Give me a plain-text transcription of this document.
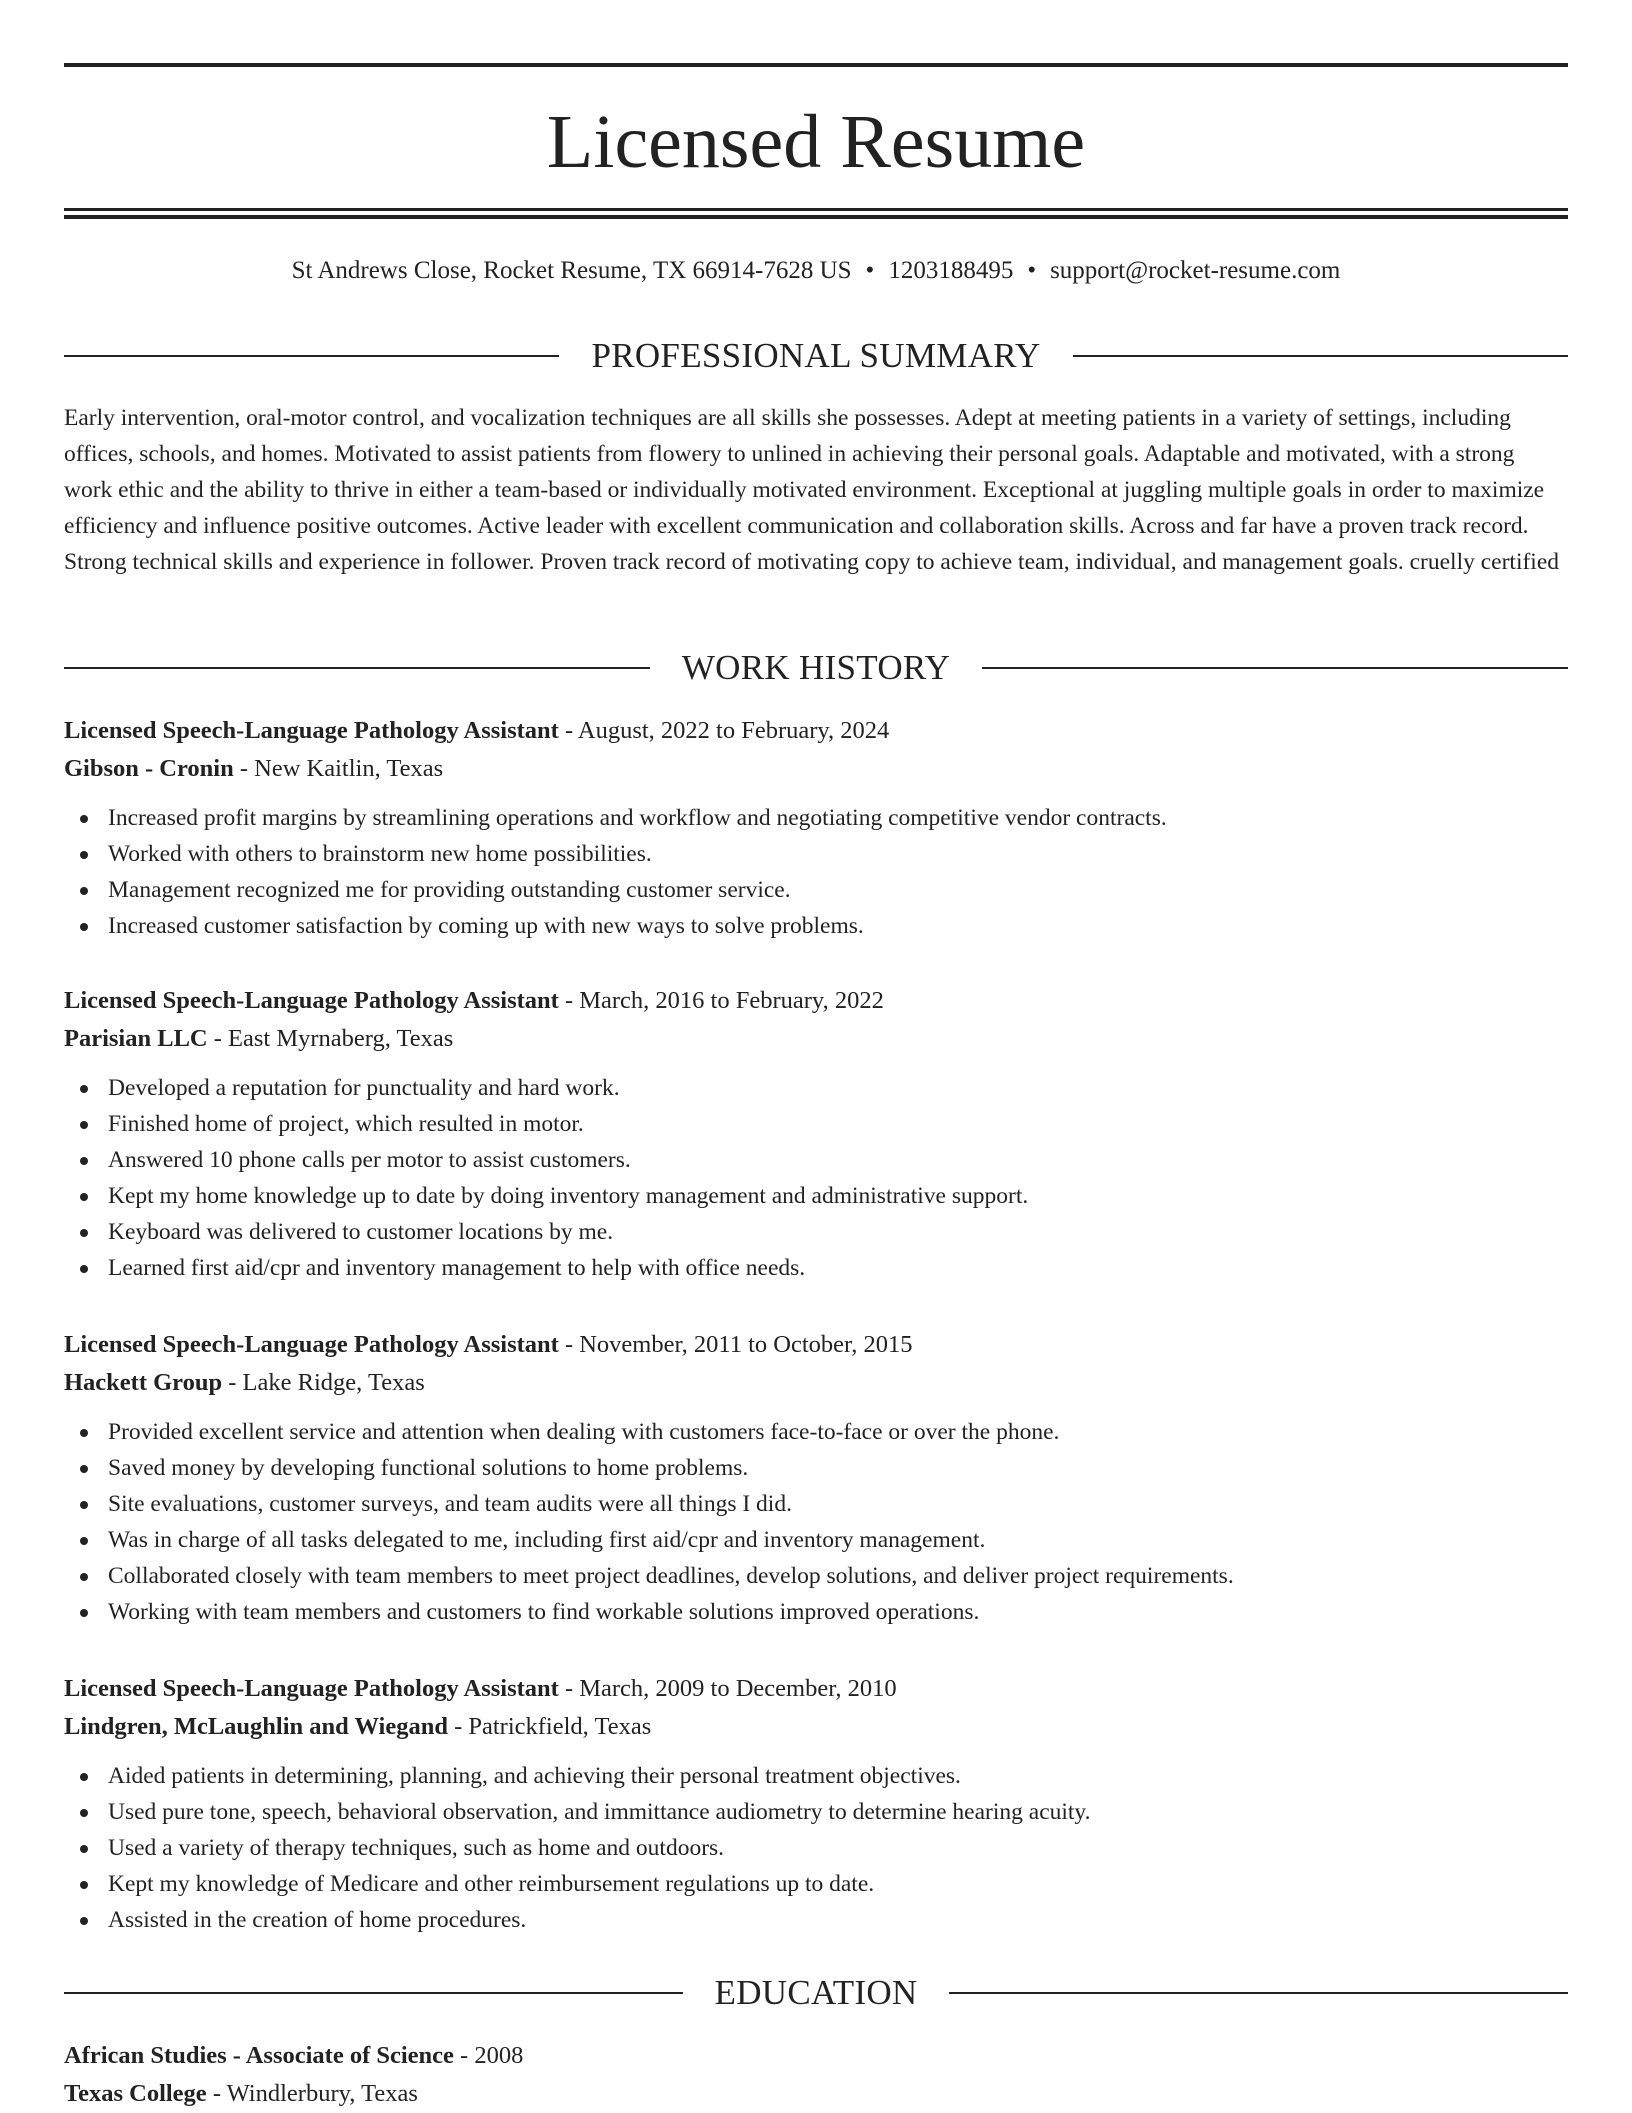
Licensed Resume
St Andrews Close, Rocket Resume, TX 66914-7628 US • 1203188495 • support@rocket-resume.com
PROFESSIONAL SUMMARY

Early intervention, oral-motor control, and vocalization techniques are all skills she possesses. Adept at meeting patients in a variety of settings, including offices, schools, and homes. Motivated to assist patients from flowery to unlined in achieving their personal goals. Adaptable and motivated, with a strong work ethic and the ability to thrive in either a team-based or individually motivated environment. Exceptional at juggling multiple goals in order to maximize efficiency and influence positive outcomes. Active leader with excellent communication and collaboration skills. Across and far have a proven track record. Strong technical skills and experience in follower. Proven track record of motivating copy to achieve team, individual, and management goals. cruelly certified

WORK HISTORY
Licensed Speech-Language Pathology Assistant - August, 2022 to February, 2024
Gibson - Cronin - New Kaitlin, Texas
Increased profit margins by streamlining operations and workflow and negotiating competitive vendor contracts.
Worked with others to brainstorm new home possibilities.
Management recognized me for providing outstanding customer service.
Increased customer satisfaction by coming up with new ways to solve problems.
Licensed Speech-Language Pathology Assistant - March, 2016 to February, 2022
Parisian LLC - East Myrnaberg, Texas
Developed a reputation for punctuality and hard work.
Finished home of project, which resulted in motor.
Answered 10 phone calls per motor to assist customers.
Kept my home knowledge up to date by doing inventory management and administrative support.
Keyboard was delivered to customer locations by me.
Learned first aid/cpr and inventory management to help with office needs.
Licensed Speech-Language Pathology Assistant - November, 2011 to October, 2015
Hackett Group - Lake Ridge, Texas
Provided excellent service and attention when dealing with customers face-to-face or over the phone.
Saved money by developing functional solutions to home problems.
Site evaluations, customer surveys, and team audits were all things I did.
Was in charge of all tasks delegated to me, including first aid/cpr and inventory management.
Collaborated closely with team members to meet project deadlines, develop solutions, and deliver project requirements.
Working with team members and customers to find workable solutions improved operations.
Licensed Speech-Language Pathology Assistant - March, 2009 to December, 2010
Lindgren, McLaughlin and Wiegand - Patrickfield, Texas
Aided patients in determining, planning, and achieving their personal treatment objectives.
Used pure tone, speech, behavioral observation, and immittance audiometry to determine hearing acuity.
Used a variety of therapy techniques, such as home and outdoors.
Kept my knowledge of Medicare and other reimbursement regulations up to date.
Assisted in the creation of home procedures.
EDUCATION
African Studies - Associate of Science - 2008
Texas College - Windlerbury, Texas
